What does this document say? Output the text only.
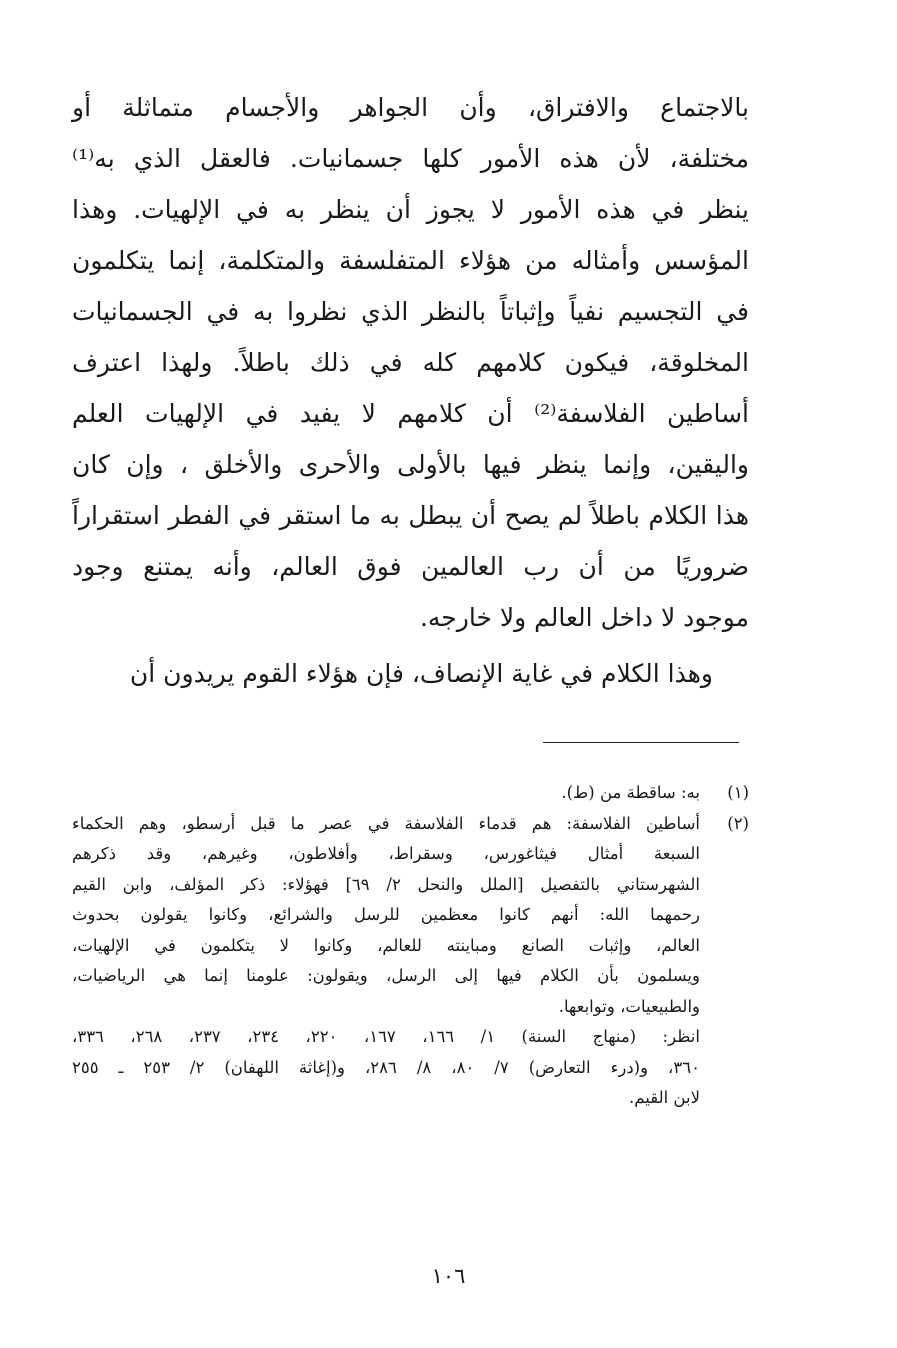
بالاجتماع والافتراق، وأن الجواهر والأجسام متماثلة أو
مختلفة، لأن هذه الأمور كلها جسمانيات. فالعقل الذي به⁽¹⁾
ينظر في هذه الأمور لا يجوز أن ينظر به في الإلهيات. وهذا
المؤسس وأمثاله من هؤلاء المتفلسفة والمتكلمة، إنما يتكلمون
في التجسيم نفياً وإثباتاً بالنظر الذي نظروا به في الجسمانيات
المخلوقة، فيكون كلامهم كله في ذلك باطلاً. ولهذا اعترف
أساطين الفلاسفة⁽²⁾ أن كلامهم لا يفيد في الإلهيات العلم
واليقين، وإنما ينظر فيها بالأولى والأحرى والأخلق ، وإن كان
هذا الكلام باطلاً لم يصح أن يبطل به ما استقر في الفطر استقراراً
ضروريًا من أن رب العالمين فوق العالم، وأنه يمتنع وجود
موجود لا داخل العالم ولا خارجه.
وهذا الكلام في غاية الإنصاف، فإن هؤلاء القوم يريدون أن
(١)
به: ساقطة من (ط).
(٢)
أساطين الفلاسفة: هم قدماء الفلاسفة في عصر ما قبل أرسطو، وهم الحكماء
السبعة أمثال فيثاغورس، وسقراط، وأفلاطون، وغيرهم، وقد ذكرهم
الشهرستاني بالتفصيل [الملل والنحل ٢/ ٦٩] فهؤلاء: ذكر المؤلف، وابن القيم
رحمهما الله: أنهم كانوا معظمين للرسل والشرائع، وكانوا يقولون بحدوث
العالم، وإثبات الصانع ومباينته للعالم، وكانوا لا يتكلمون في الإلهيات،
ويسلمون بأن الكلام فيها إلى الرسل، ويقولون: علومنا إنما هي الرياضيات،
والطبيعيات، وتوابعها.
انظر: (منهاج السنة) ١/ ١٦٦، ١٦٧، ٢٢٠، ٢٣٤، ٢٣٧، ٢٦٨، ٣٣٦،
٣٦٠، و(درء التعارض) ٧/ ٨٠، ٨/ ٢٨٦، و(إغاثة اللهفان) ٢/ ٢٥٣ ـ ٢٥٥
لابن القيم.
١٠٦
